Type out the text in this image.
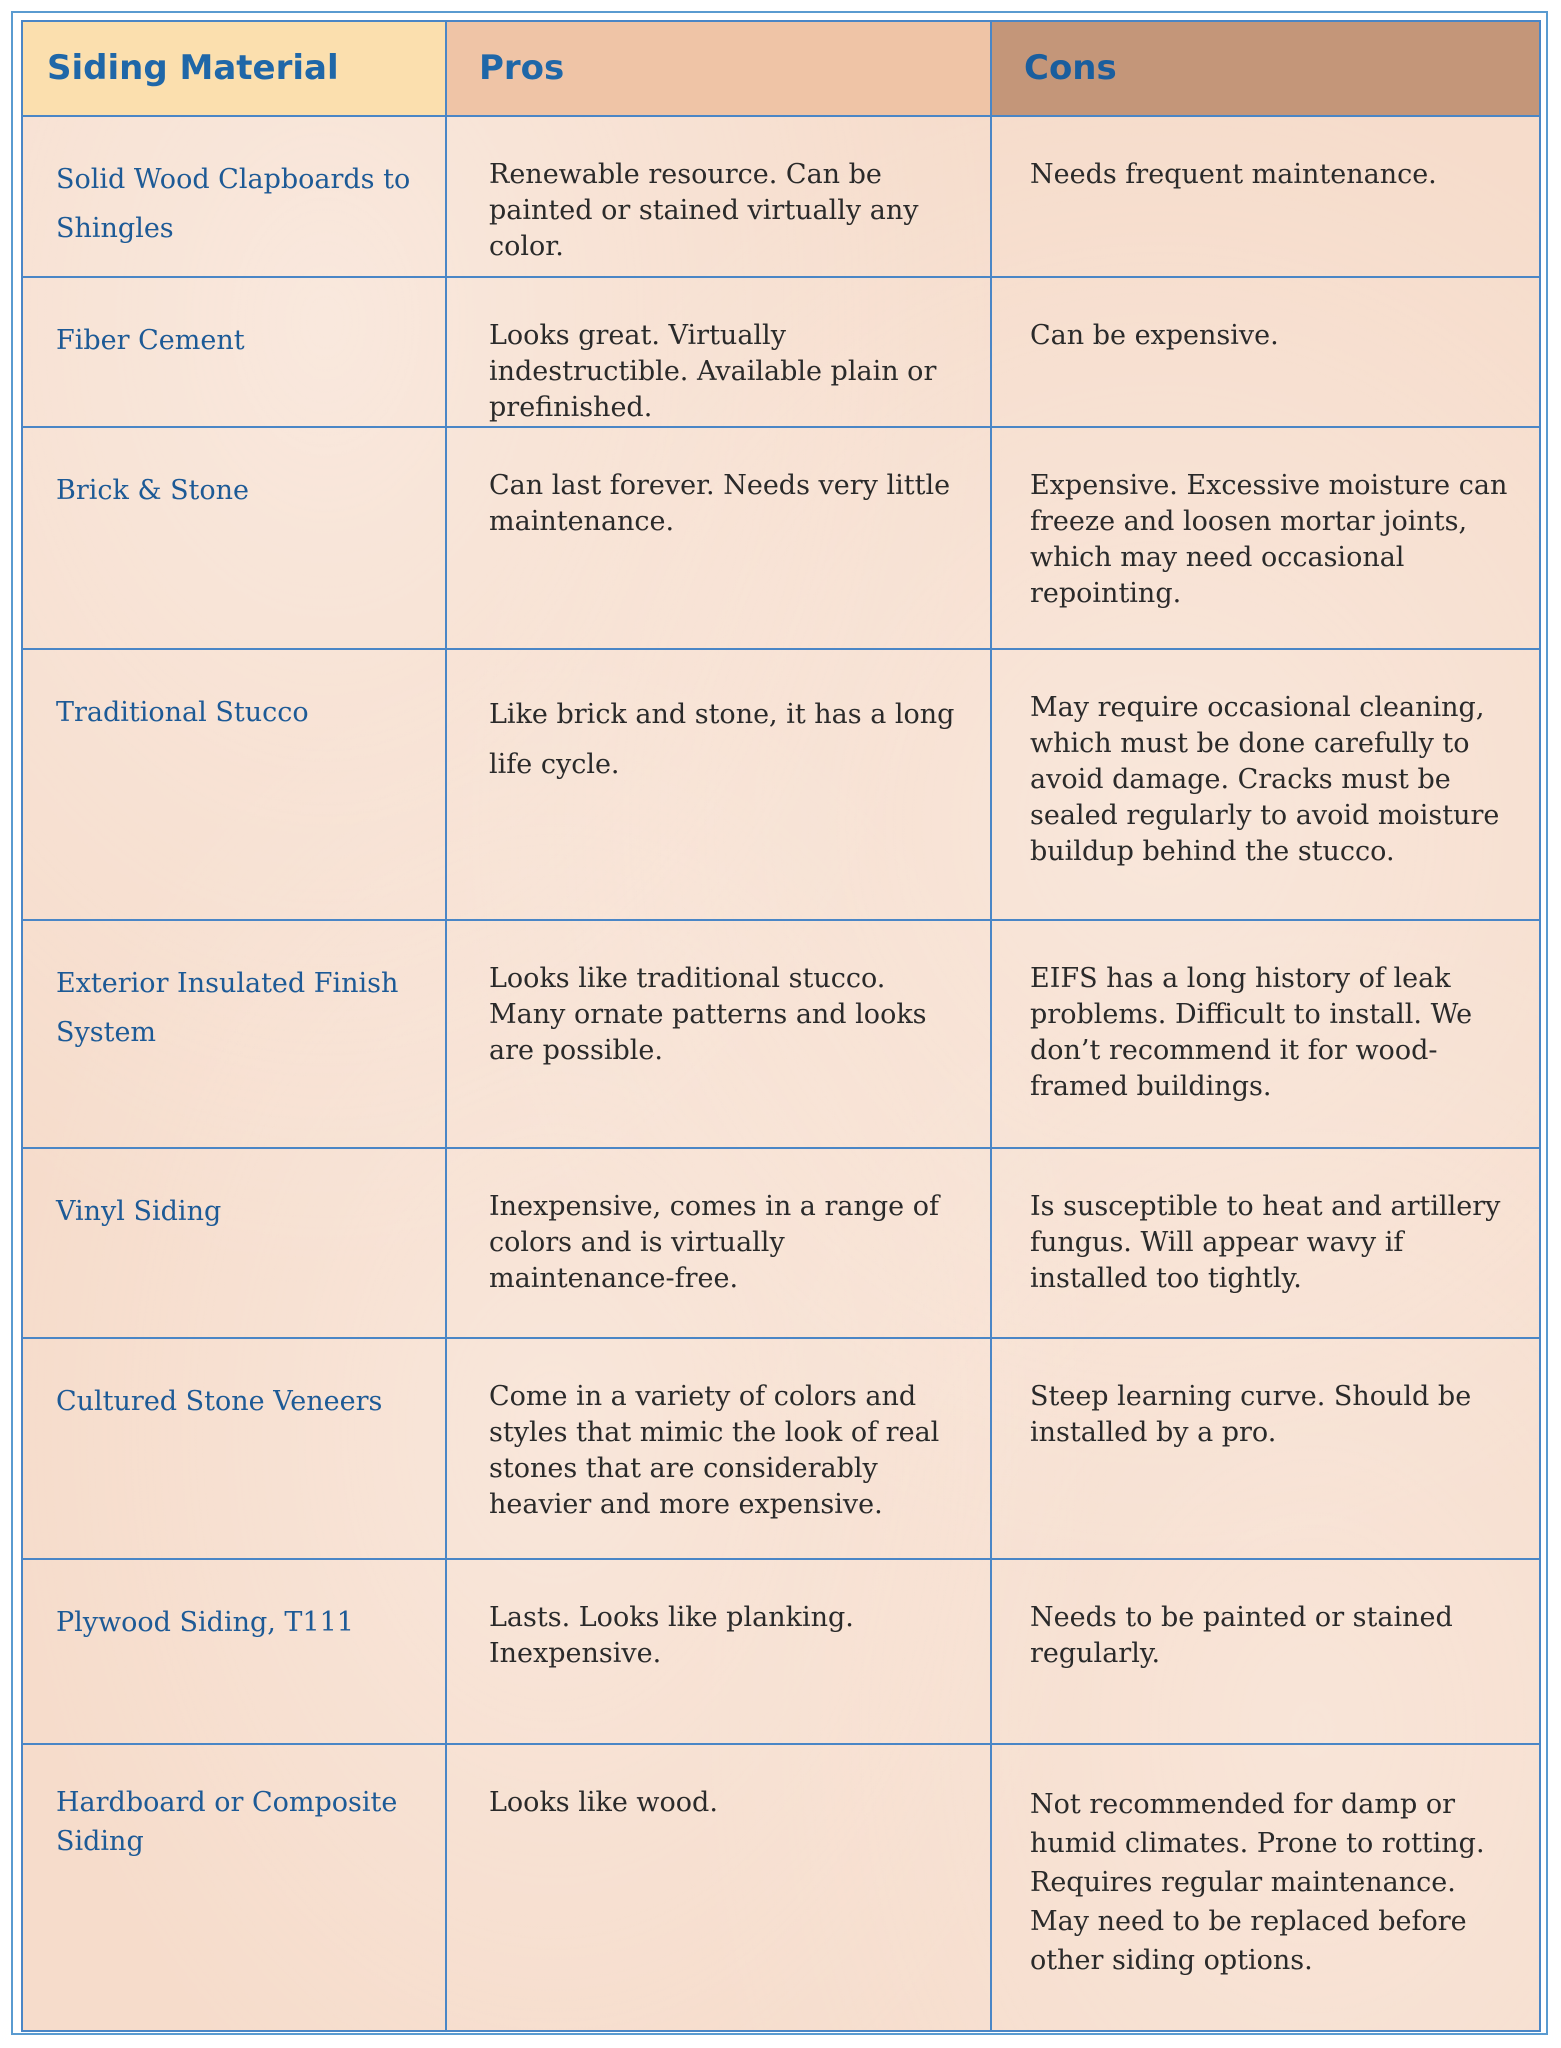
Siding Material	Pros	Cons

Solid Wood Clapboards to Shingles	Renewable resource. Can be painted or stained virtually any color.	Needs frequent maintenance.

Fiber Cement	Looks great. Virtually indestructible. Available plain or prefinished.	Can be expensive.

Brick & Stone	Can last forever. Needs very little maintenance.	Expensive. Excessive moisture can freeze and loosen mortar joints, which may need occasional repointing.

Traditional Stucco	Like brick and stone, it has a long life cycle.	May require occasional cleaning, which must be done carefully to avoid damage. Cracks must be sealed regularly to avoid moisture buildup behind the stucco.

Exterior Insulated Finish System	Looks like traditional stucco. Many ornate patterns and looks are possible.	EIFS has a long history of leak problems. Difficult to install. We don’t recommend it for wood-framed buildings.

Vinyl Siding	Inexpensive, comes in a range of colors and is virtually maintenance-free.	Is susceptible to heat and artillery fungus. Will appear wavy if installed too tightly.

Cultured Stone Veneers	Come in a variety of colors and styles that mimic the look of real stones that are considerably heavier and more expensive.	Steep learning curve. Should be installed by a pro.

Plywood Siding, T111	Lasts. Looks like planking. Inexpensive.	Needs to be painted or stained regularly.

Hardboard or Composite Siding	Looks like wood.	Not recommended for damp or humid climates. Prone to rotting. Requires regular maintenance. May need to be replaced before other siding options.
